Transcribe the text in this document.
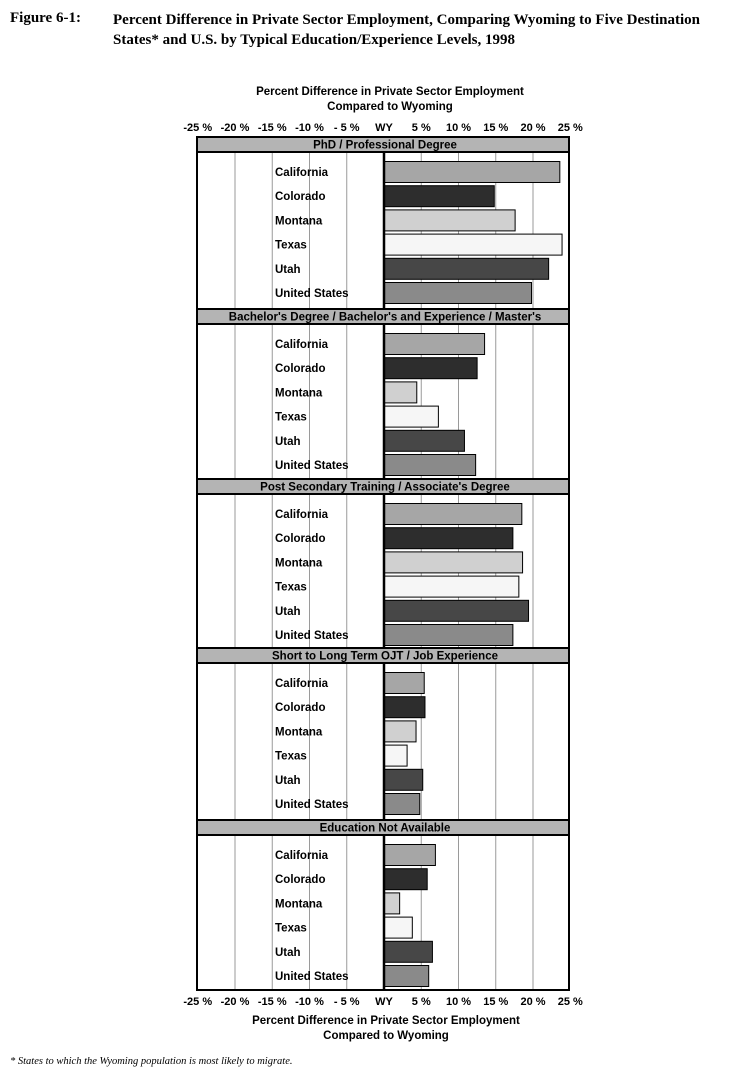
Figure 6-1: Percent Difference in Private Sector Employment, Comparing Wyoming to Five Destination States* and U.S. by Typical Education/Experience Levels, 1998
Percent Difference in Private Sector Employment
Compared to Wyoming
-25 %
-25 %
-20 %
-20 %
-15 %
-15 %
-10 %
-10 %
- 5 %
- 5 %
WY
WY
5 %
5 %
10 %
10 %
15 %
15 %
20 %
20 %
25 %
25 %
Percent Difference in Private Sector Employment
Compared to Wyoming
PhD / Professional Degree
California
Colorado
Montana
Texas
Utah
United States
Bachelor's Degree / Bachelor's and Experience / Master's
California
Colorado
Montana
Texas
Utah
United States
Post Secondary Training / Associate's Degree
California
Colorado
Montana
Texas
Utah
United States
Short to Long Term OJT / Job Experience
California
Colorado
Montana
Texas
Utah
United States
Education Not Available
California
Colorado
Montana
Texas
Utah
United States
* States to which the Wyoming population is most likely to migrate.
